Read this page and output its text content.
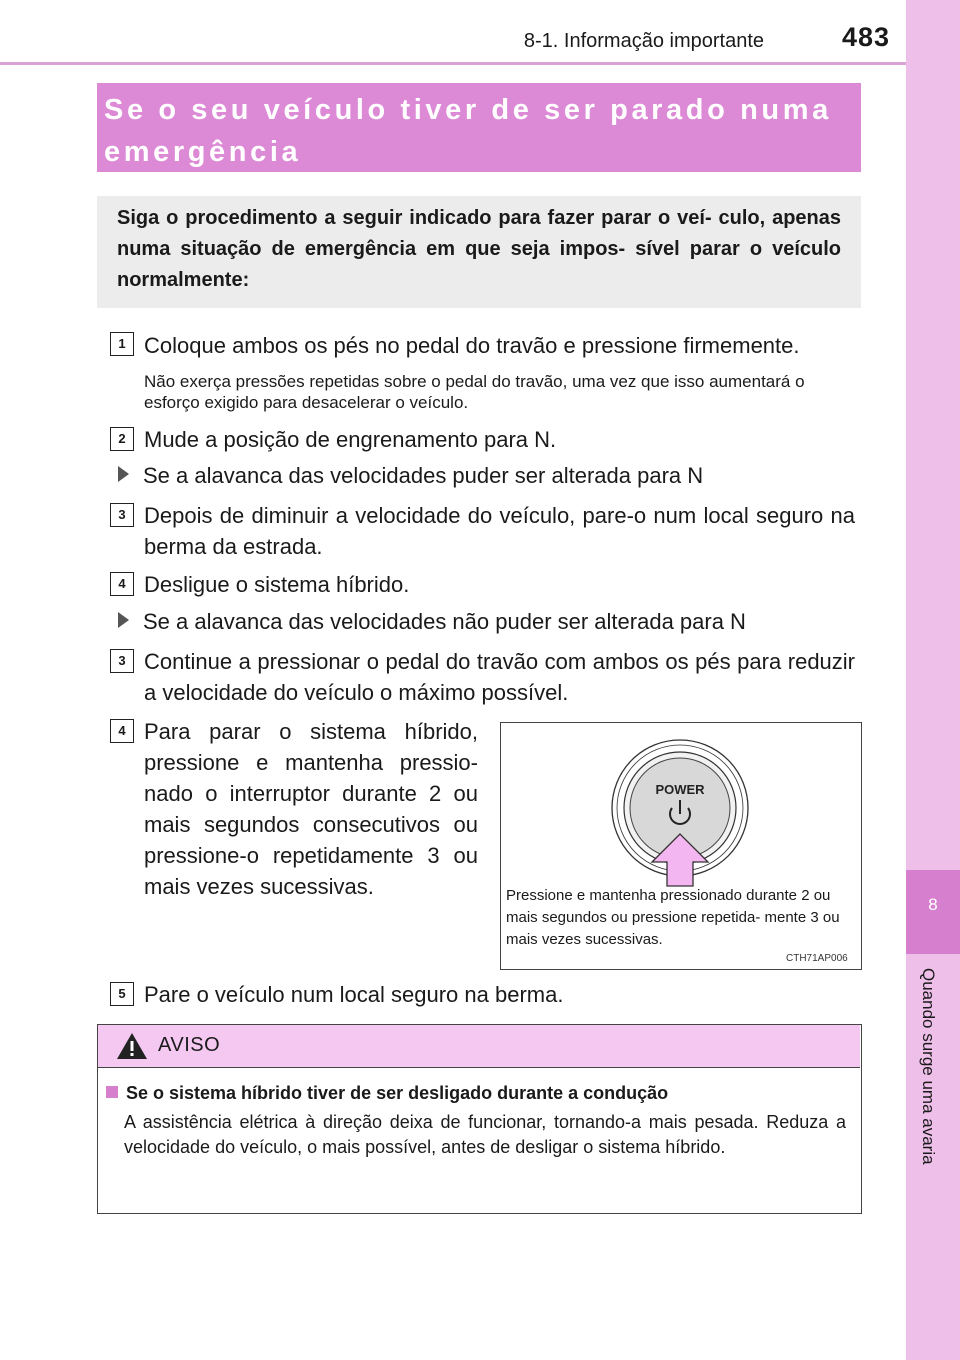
8-1. Informação importante	483
8
Quando surge uma avaria
Se o seu veículo tiver de ser parado numa emergência
Siga o procedimento a seguir indicado para fazer parar o veí- culo, apenas numa situação de emergência em que seja impos- sível parar o veículo normalmente:
1 Coloque ambos os pés no pedal do travão e pressione firmemente.
Não exerça pressões repetidas sobre o pedal do travão, uma vez que isso aumentará o esforço exigido para desacelerar o veículo.
2 Mude a posição de engrenamento para N.
Se a alavanca das velocidades puder ser alterada para N
3 Depois de diminuir a velocidade do veículo, pare-o num local seguro na berma da estrada.
4 Desligue o sistema híbrido.
Se a alavanca das velocidades não puder ser alterada para N
3 Continue a pressionar o pedal do travão com ambos os pés para reduzir a velocidade do veículo o máximo possível.
4 Para parar o sistema híbrido, pressione e mantenha pressio- nado o interruptor durante 2 ou mais segundos consecutivos ou pressione-o repetidamente 3 ou mais vezes sucessivas.
POWER
Pressione e mantenha pressionado durante 2 ou mais segundos ou pressione repetida- mente 3 ou mais vezes sucessivas.
CTH71AP006
5 Pare o veículo num local seguro na berma.
AVISO
Se o sistema híbrido tiver de ser desligado durante a condução
A assistência elétrica à direção deixa de funcionar, tornando-a mais pesada. Reduza a velocidade do veículo, o mais possível, antes de desligar o sistema híbrido.
